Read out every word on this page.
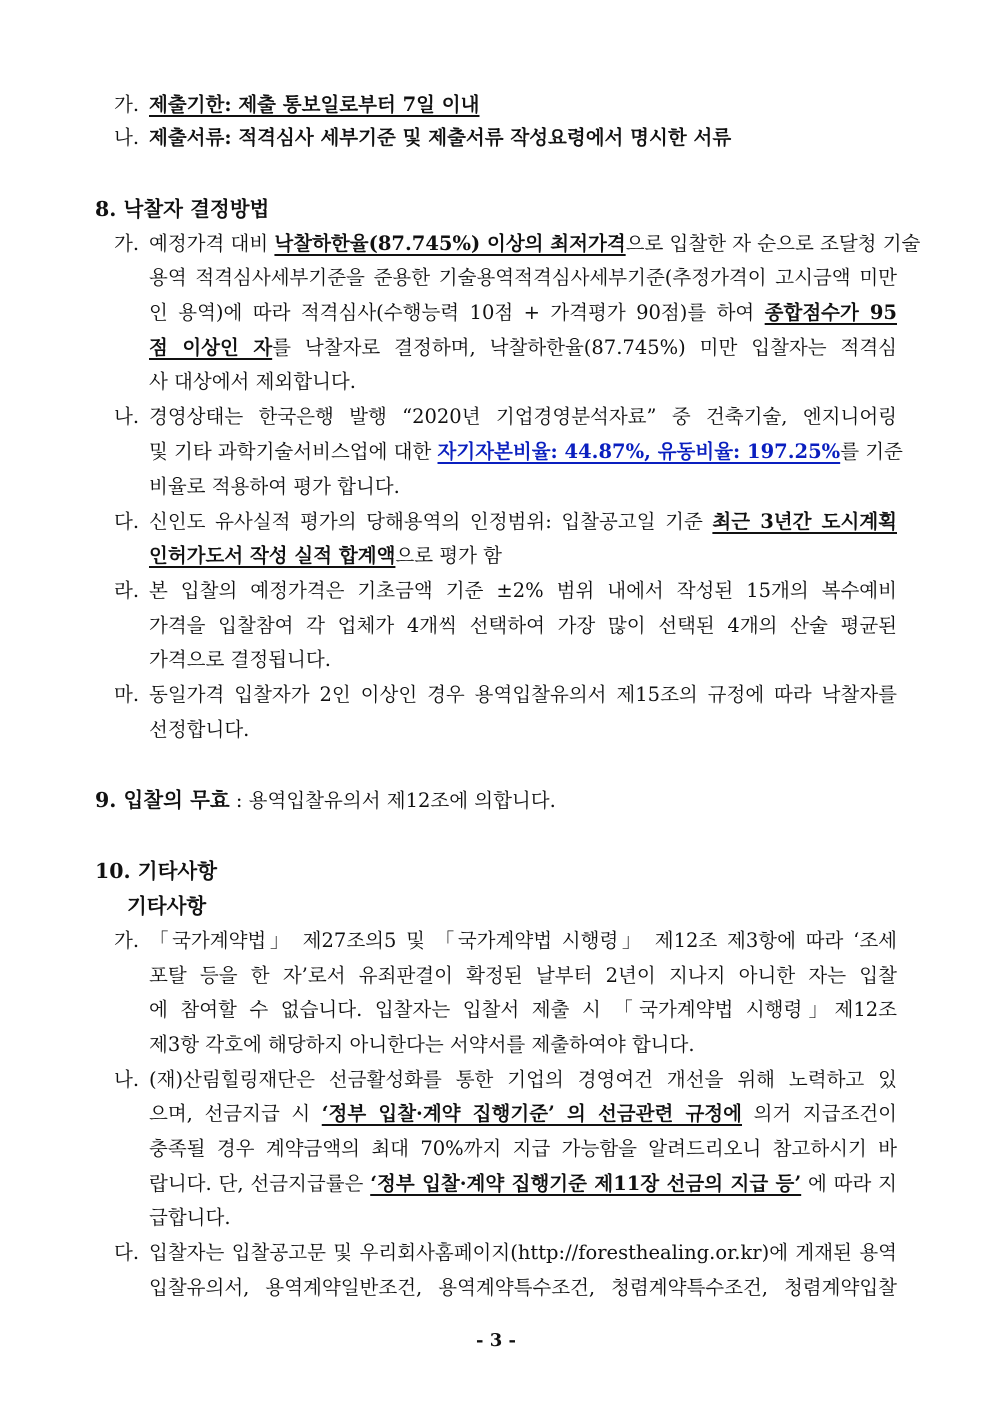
가. 제출기한: 제출 통보일로부터 7일 이내
나. 제출서류: 적격심사 세부기준 및 제출서류 작성요령에서 명시한 서류
8. 낙찰자 결정방법
가. 예정가격 대비 낙찰하한율(87.745%) 이상의 최저가격으로 입찰한 자 순으로 조달청 기술
용역 적격심사세부기준을 준용한 기술용역적격심사세부기준(추정가격이 고시금액 미만
인 용역)에 따라 적격심사(수행능력 10점 + 가격평가 90점)를 하여 종합점수가 95
점 이상인 자를 낙찰자로 결정하며, 낙찰하한율(87.745%) 미만 입찰자는 적격심
사 대상에서 제외합니다.
나. 경영상태는 한국은행 발행 “2020년 기업경영분석자료” 중 건축기술, 엔지니어링
및 기타 과학기술서비스업에 대한 자기자본비율: 44.87%, 유동비율: 197.25%를 기준
비율로 적용하여 평가 합니다.
다. 신인도 유사실적 평가의 당해용역의 인정범위: 입찰공고일 기준 최근 3년간 도시계획
인허가도서 작성 실적 합계액으로 평가 함
라. 본 입찰의 예정가격은 기초금액 기준 ±2% 범위 내에서 작성된 15개의 복수예비
가격을 입찰참여 각 업체가 4개씩 선택하여 가장 많이 선택된 4개의 산술 평균된
가격으로 결정됩니다.
마. 동일가격 입찰자가 2인 이상인 경우 용역입찰유의서 제15조의 규정에 따라 낙찰자를
선정합니다.
9. 입찰의 무효 : 용역입찰유의서 제12조에 의합니다.
10. 기타사항
기타사항
가. 「국가계약법」 제27조의5 및 「국가계약법 시행령」 제12조 제3항에 따라 ‘조세
포탈 등을 한 자’로서 유죄판결이 확정된 날부터 2년이 지나지 아니한 자는 입찰
에 참여할 수 없습니다. 입찰자는 입찰서 제출 시 「국가계약법 시행령」제12조
제3항 각호에 해당하지 아니한다는 서약서를 제출하여야 합니다.
나. (재)산림힐링재단은 선금활성화를 통한 기업의 경영여건 개선을 위해 노력하고 있
으며, 선금지급 시 ‘정부 입찰·계약 집행기준’ 의 선금관련 규정에 의거 지급조건이
충족될 경우 계약금액의 최대 70%까지 지급 가능함을 알려드리오니 참고하시기 바
랍니다. 단, 선금지급률은 ‘정부 입찰·계약 집행기준 제11장 선금의 지급 등’ 에 따라 지
급합니다.
다. 입찰자는 입찰공고문 및 우리회사홈페이지(http://foresthealing.or.kr)에 게재된 용역
입찰유의서, 용역계약일반조건, 용역계약특수조건, 청렴계약특수조건, 청렴계약입찰
- 3 -
